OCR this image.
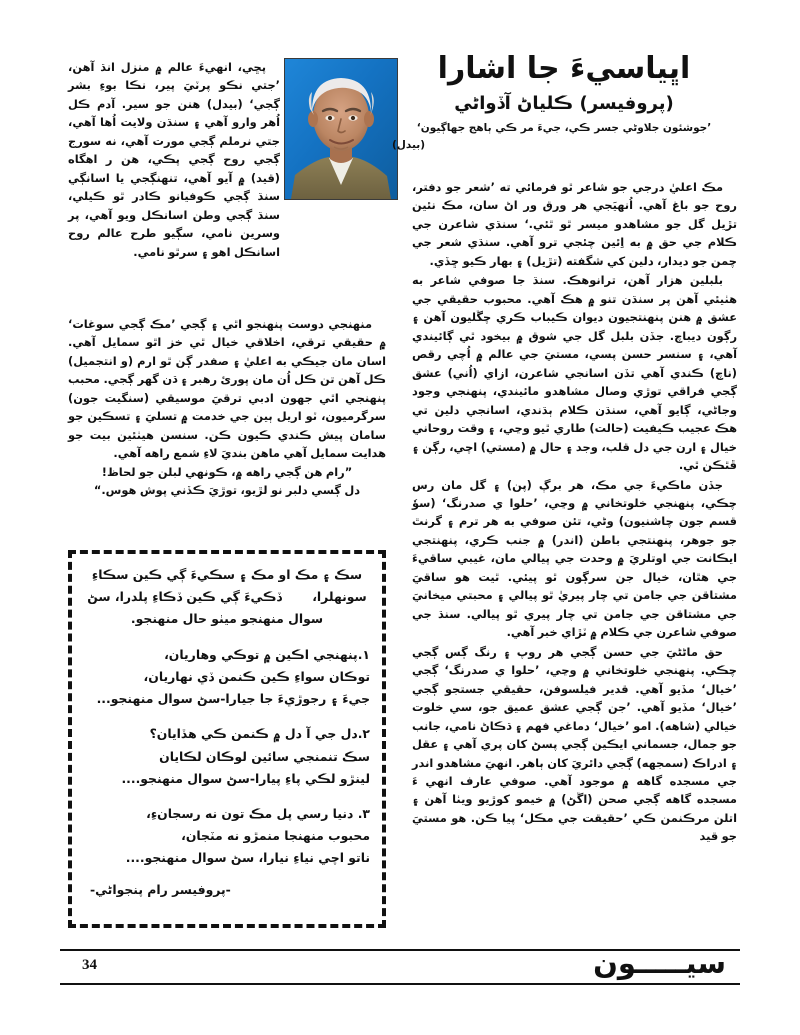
اڀياسيءَ جا اشارا
(پروفيسر) ڪلياڻ آڏواڻي
’جوشئون جلاوڻي جسر ڪي، جيءَ مر ڪي ٻاهج جهاڳيون‘
(بيدل)

پڇي، انهيءَ عالم ۾ منزل انڌ آهن، ’جتي نڪو پرٽيَ پير، نڪا بوءِ بشر ڳجي‘ (بيدل) هنن جو سير. آدم ڪل اُهر وارو آهي ۽ سنڌن ولايت اُها آهي، جتي نرملم ڳجي مورت آهي، نه سورج ڳجي روح ڳجي پڪي، هن ر اهگاه (قيد) ۾ آيو آهي، تنهنڳجي يا اسانڳي سنڌ ڳجي ڪوفيانو ڪادر ٿو ڪيلي، سنڌ ڳجي وطن اسانڪل ويو آهي، پر وسرين نامي، سڳيو طرح عالم روح اسانڪل اهو ۽ سرٿو نامي.

منهنجي دوست پنهنجو اٿي ۽ ڳجي ’مڪ ڳجي سوغات‘ ۾ حقيقي ترقي، اخلاقي خيال ٿي خز اٿو سمايل آهي. اسان مان جيڪي به اعليٰ ۽ صفدر ڳن ٿو ارم (و انتجميل) ڪل آهن تن ڪل اُن مان پورئ رهبر ۽ ڌن گهر ڳجي. محبب پنهنجي اٿي جهون ادبي ترقيَ موسيقي (سنگيت جون) سرگرميون، ٽو اريل ٻين جي خدمت ۾ تسليَ ۽ تسڪين جو سامان پيش ڪندي ڪيون ڪن. سنسن هيٺئين بيت جو هدايت سمايل آهي ماهن بنديَ لاءِ شمع راهه آهي.

”رام هن ڳجي راهه ۾، ڪونهي لبلن جو لحاظ!

دل ڳسي دلبر نو لڙيو، توڙيَ ڪڏني پوش هوس.“

سڪ ۽ مڪ او مڪ ۽ سڪيءَ ڳي ڪين سڪاءِ سونهلرا، ڏڪيءَ ڳي ڪين ڏڪاءِ پلدرا، سڻ سوال منهنجو ميٺو حال منهنجو.
١.پنهنجي اڪين ۾ توڪي وهاريان،
توڪان سواءِ ڪين ڪنمن ڏي نهاريان،
جيءَ ۽ رجوڙيءَ جا جيارا-سڻ سوال منهنجو...
٢.دل جي آ دل ۾ ڪنمن ڪي هڏايان؟
سڪ تنمنجي سائين لوڪان لڪايان
لينڙو لڪي پاءِ پيارا-سڻ سوال منهنجو....
٣. دنيا رسي پل مڪ تون نه رسجانءِ،
محبوب منهنجا منمڙو نه مٽجان،
ناتو اچي نياءِ نيارا، سڻ سوال منهنجو....
-پروفيسر رام پنجواڻي-

مڪ اعليٰ درجي جو شاعر ٿو فرمائي ته ’شعر جو دفتر، روح جو باغ آهي. اُنهيَجي هر ورق ور اڻ سان، مڪ نئين تڙيل گل جو مشاهدو ميسر ٿو ٿئي.‘ سنڌي شاعرن جي ڪلام جي حق ۾ به اِئين چئجي ترو آهي. سنڌي شعر جي چمن جو ديدار، دلين کي شگفته (تڙيل) ۽ بهار ڪيو ڇڏي.

بلبلين هزار آهن، ترانوهڪ. سنڌ جا صوفي شاعر به هٺيئي آهن پر سنڌن تنو ۾ هڪ آهي. محبوب حقيقي جي عشق ۾ هنن پنهنتجيون ديوان ڪيباب ڪري چڱليون آهن ۽ رڳون ديباچ. جڏن بلبل گل جي شوق ۾ بيخود ٿي ڳائيندي آهي، ۽ سنسر حسن پسي، مستيَ جي عالم ۾ اُچي رقص (ناچ) ڪندي آهي تڏن اسانجي شاعرن، ازاي (اُني) عشق ڳجي فراقي توڙي وصال مشاهدو مائيندي، پنهنجي وجود وجاڻي، ڳايو آهي، سنڌن ڪلام ٻڌندي، اسانجي دلين تي هڪ عجيب ڪيفيت (حالت) طاري ٿيو وڃي، ۽ وقت روحاني خيال ۽ ارن جي دل قلب، وجد ۽ حال ۾ (مستي) اچي، رڳن ۽ ڦٿڪن ٿي.

جڏن ماڪيءَ جي مڪ، هر برڳ (پن) ۽ گل مان رس چڪي، پنهنجي خلوتخاني ۾ وڃي، ’حلوا ي صدرنگ‘ (سوٗ قسم جون چاشنيون) وڻي، تئن صوفي به هر ترم ۽ گرنٿ جو جوهر، پنهنتجي باطن (اندر) ۾ جنب ڪري، پنهنتجي ايڪانت جي اوتلريَ ۾ وحدت جي پيالي مان، غيبي ساقيءَ جي هٿان، خيال جن سرڳون ٿو پيئي. ٿيت هو ساقيَ مشتاقن جي جامن تي چار پيريٰ ٿو پيالي ۽ محبتي ميخانيَ جي مشتاقن جي جامن تي چار پيري ٿو پيالي. سنڌ جي صوفي شاعرن جي ڪلام ۾ ٽڙاي خبر آهي.

حق ماڻڻيَ جي حسن ڳجي هر روپ ۽ رنگ ڳس ڳجي چڪي. پنهنجي خلوتخاني ۾ وڃي، ’حلوا ي صدرنگ‘ ڳجي ’خيال‘ مڏيو آهي. قدير فيلسوفن، حقيقي جستجو ڳجي ’خيال‘ مڏيو آهي. ’جن ڳجي عشق عميق جو، سي خلوت خيالي (شاهه). امو ’خيال‘ دماغي فهم ۽ ڌڪاڻ نامي، جانب جو جمال، جسماني ايڪين ڳجي پسڻ کان پري آهي ۽ عقل ۽ ادراڪ (سمجهه) ڳجي دائريَ کان ٻاهر. انهيَ مشاهدو اندر جي مسجده گاهه ۾ موجود آهي. صوفي عارف انهي ءَ مسجده گاهه ڳجي صحن (اڱڻ) ۾ خيمو کوڙيو ويٺا آهن ۽ اتلن مرڪنمن ڪي ’حقيقت جي مڪل‘ پيا ڪن. هو مستيَ جو قيد

34	سيـــــون
